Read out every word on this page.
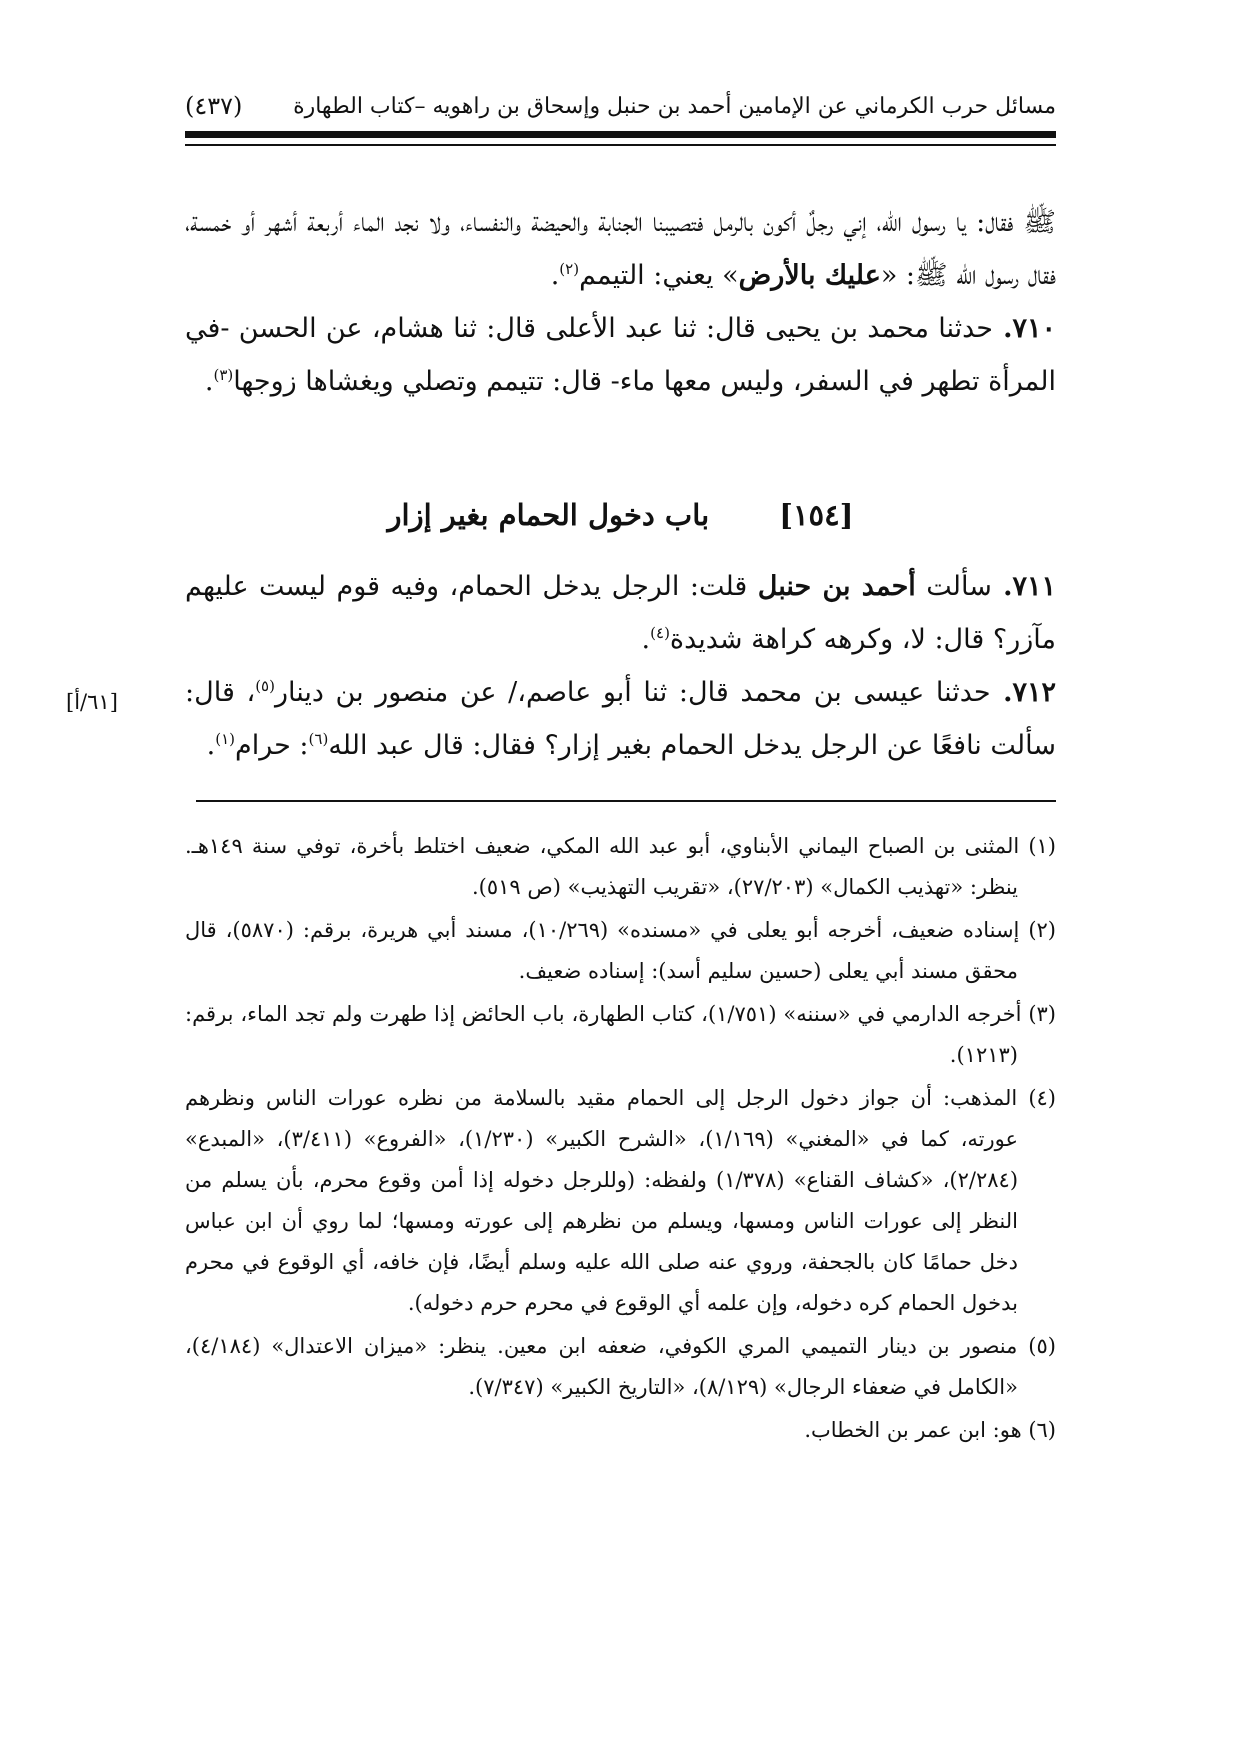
مسائل حرب الكرماني عن الإمامين أحمد بن حنبل وإسحاق بن راهويه –كتاب الطهارة
(٤٣٧)

ﷺ فقال: يا رسول الله، إني رجلٌ أكون بالرمل فتصيبنا الجنابة والحيضة والنفساء، ولا نجد الماء أربعة أشهر أو خمسة، فقال رسول الله ﷺ: «عليك بالأرض» يعني: التيمم$^{(٢)}$.

٧١٠. حدثنا محمد بن يحيى قال: ثنا عبد الأعلى قال: ثنا هشام، عن الحسن -في المرأة تطهر في السفر، وليس معها ماء- قال: تتيمم وتصلي ويغشاها زوجها$^{(٣)}$.

[١٥٤] باب دخول الحمام بغير إزار

٧١١. سألت أحمد بن حنبل قلت: الرجل يدخل الحمام، وفيه قوم ليست عليهم مآزر؟ قال: لا، وكرهه كراهة شديدة$^{(٤)}$.

٧١٢. حدثنا عيسى بن محمد قال: ثنا أبو عاصم،/ عن منصور بن دينار$^{(٥)}$، قال: سألت نافعًا عن الرجل يدخل الحمام بغير إزار؟ فقال: قال عبد الله$^{(٦)}$: حرام$^{(١)}$.

[٦١/أ]

(١) المثنى بن الصباح اليماني الأبناوي، أبو عبد الله المكي، ضعيف اختلط بأخرة، توفي سنة ١٤٩هـ. ينظر: «تهذيب الكمال» (٢٧/٢٠٣)، «تقريب التهذيب» (ص ٥١٩).

(٢) إسناده ضعيف، أخرجه أبو يعلى في «مسنده» (١٠/٢٦٩)، مسند أبي هريرة، برقم: (٥٨٧٠)، قال محقق مسند أبي يعلى (حسين سليم أسد): إسناده ضعيف.

(٣) أخرجه الدارمي في «سننه» (١/٧٥١)، كتاب الطهارة، باب الحائض إذا طهرت ولم تجد الماء، برقم: (١٢١٣).

(٤) المذهب: أن جواز دخول الرجل إلى الحمام مقيد بالسلامة من نظره عورات الناس ونظرهم عورته، كما في «المغني» (١/١٦٩)، «الشرح الكبير» (١/٢٣٠)، «الفروع» (٣/٤١١)، «المبدع» (٢/٢٨٤)، «كشاف القناع» (١/٣٧٨) ولفظه: (وللرجل دخوله إذا أمن وقوع محرم، بأن يسلم من النظر إلى عورات الناس ومسها، ويسلم من نظرهم إلى عورته ومسها؛ لما روي أن ابن عباس دخل حمامًا كان بالجحفة، وروي عنه صلى الله عليه وسلم أيضًا، فإن خافه، أي الوقوع في محرم بدخول الحمام كره دخوله، وإن علمه أي الوقوع في محرم حرم دخوله).

(٥) منصور بن دينار التميمي المري الكوفي، ضعفه ابن معين. ينظر: «ميزان الاعتدال» (٤/١٨٤)، «الكامل في ضعفاء الرجال» (٨/١٢٩)، «التاريخ الكبير» (٧/٣٤٧).

(٦) هو: ابن عمر بن الخطاب.
